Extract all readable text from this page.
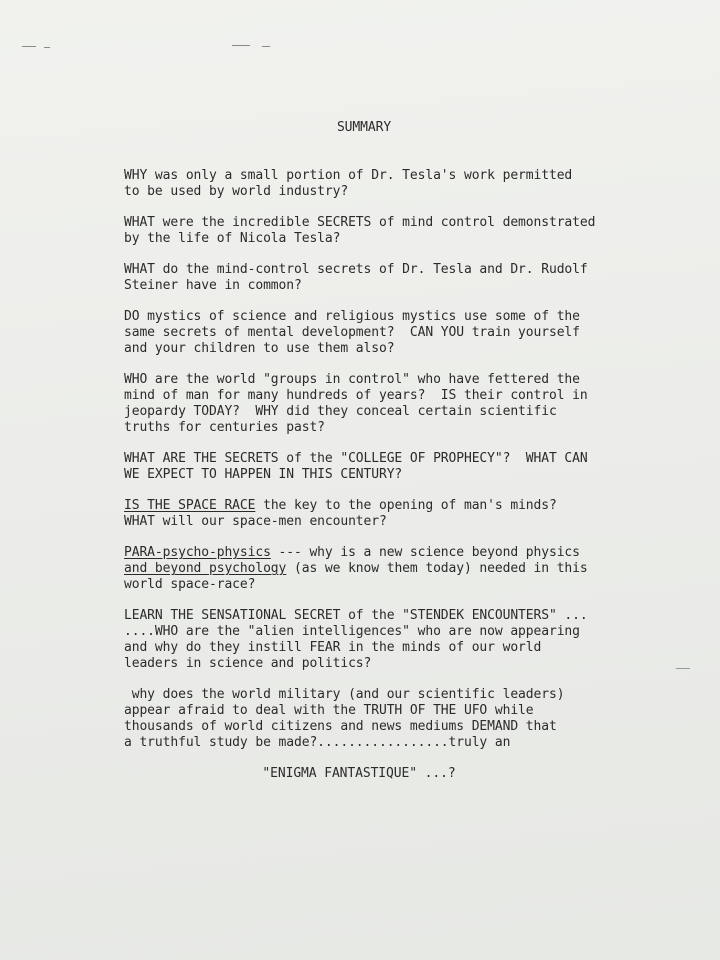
SUMMARY
WHY was only a small portion of Dr. Tesla's work permitted
to be used by world industry?
WHAT were the incredible SECRETS of mind control demonstrated
by the life of Nicola Tesla?
WHAT do the mind-control secrets of Dr. Tesla and Dr. Rudolf
Steiner have in common?
DO mystics of science and religious mystics use some of the
same secrets of mental development?  CAN YOU train yourself
and your children to use them also?
WHO are the world "groups in control" who have fettered the
mind of man for many hundreds of years?  IS their control in
jeopardy TODAY?  WHY did they conceal certain scientific
truths for centuries past?
WHAT ARE THE SECRETS of the "COLLEGE OF PROPHECY"?  WHAT CAN
WE EXPECT TO HAPPEN IN THIS CENTURY?
IS THE SPACE RACE the key to the opening of man's minds?
WHAT will our space-men encounter?
PARA-psycho-physics --- why is a new science beyond physics
and beyond psychology (as we know them today) needed in this
world space-race?
LEARN THE SENSATIONAL SECRET of the "STENDEK ENCOUNTERS" ...
....WHO are the "alien intelligences" who are now appearing
and why do they instill FEAR in the minds of our world
leaders in science and politics?
why does the world military (and our scientific leaders)
appear afraid to deal with the TRUTH OF THE UFO while
thousands of world citizens and news mediums DEMAND that
a truthful study be made?.................truly an
"ENIGMA FANTASTIQUE" ...?
